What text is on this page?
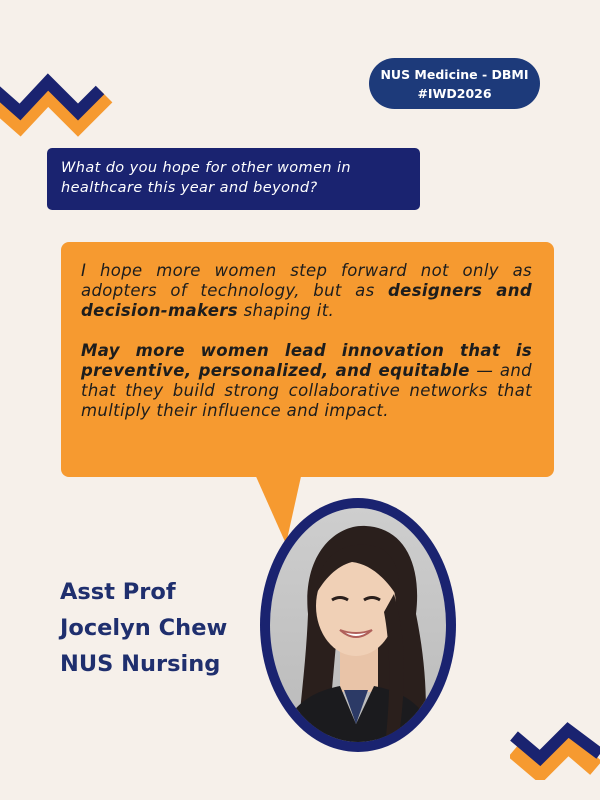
NUS Medicine - DBMI
#IWD2026
What do you hope for other women in healthcare this year and beyond?

I hope more women step forward not only as adopters of technology, but as designers and decision-makers shaping it.

May more women lead innovation that is preventive, personalized, and equitable — and that they build strong collaborative networks that multiply their influence and impact.

Asst Prof
Jocelyn Chew
NUS Nursing
